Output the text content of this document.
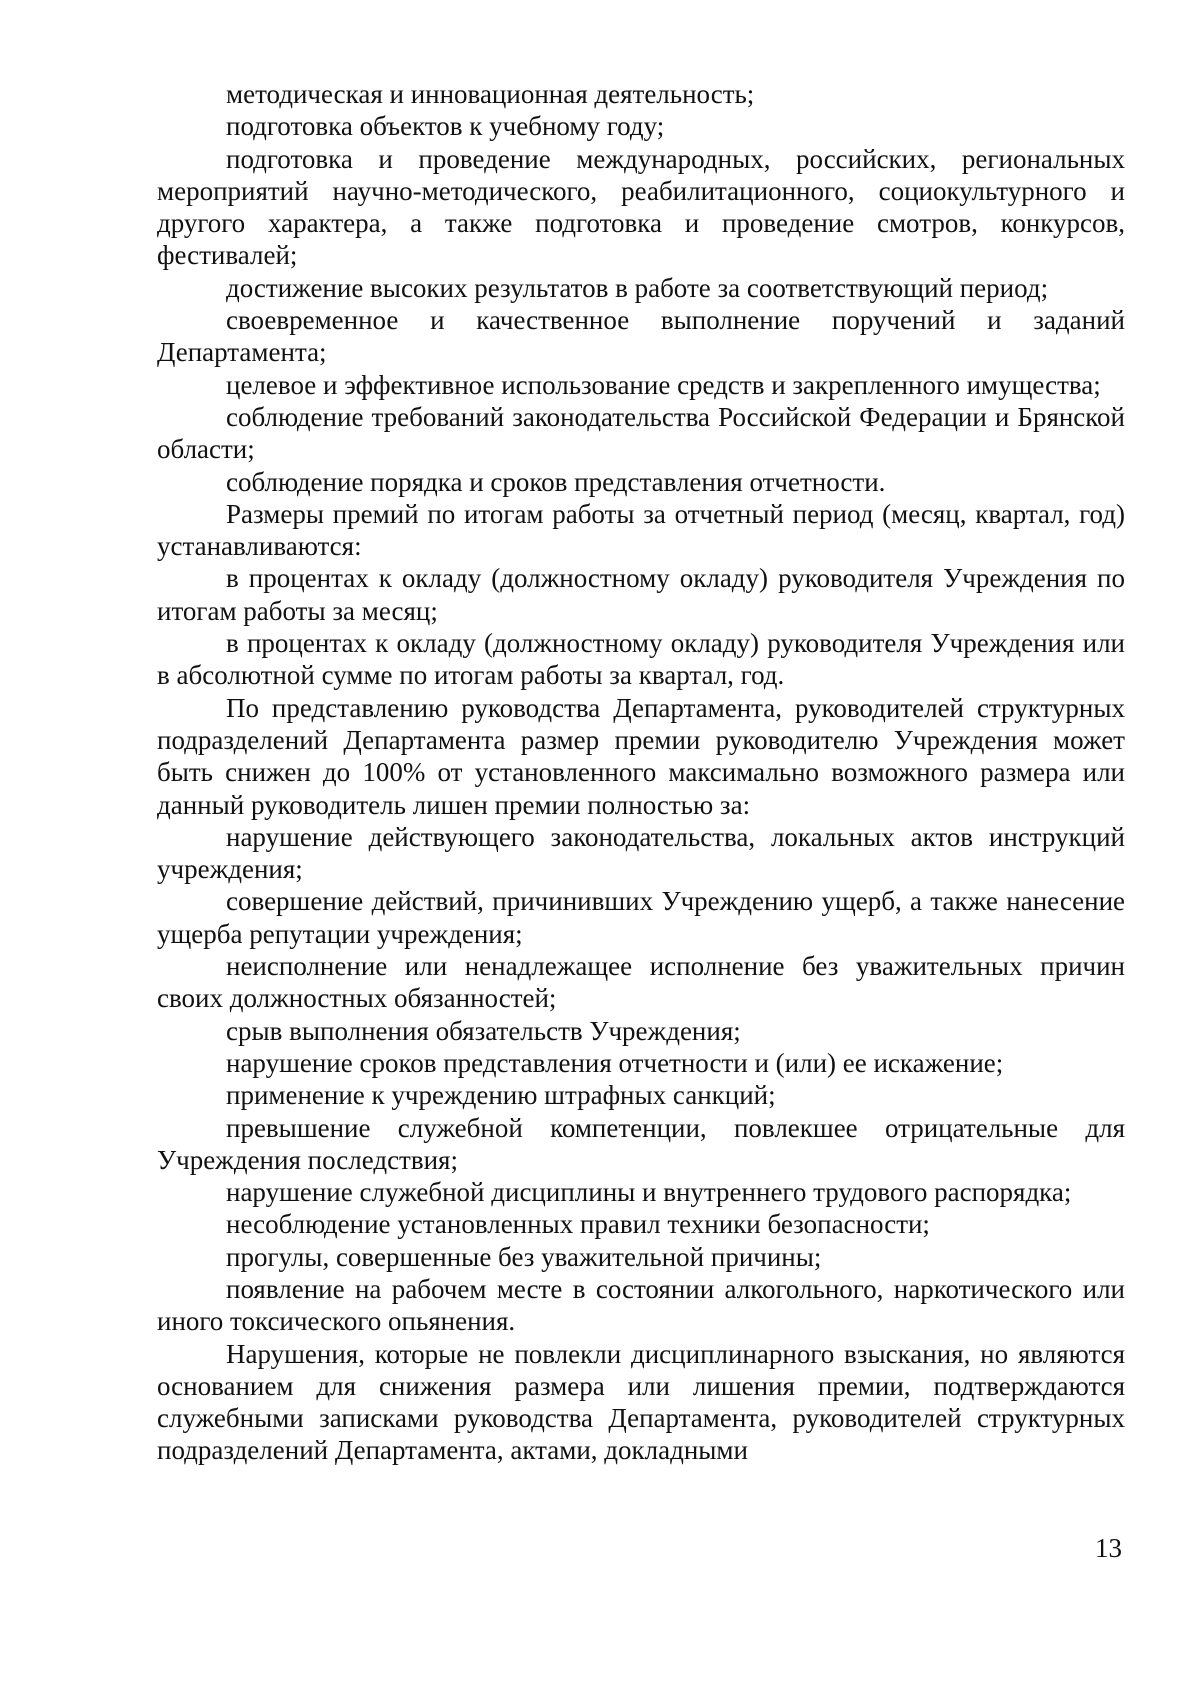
методическая и инновационная деятельность;

подготовка объектов к учебному году;

подготовка и проведение международных, российских, региональных мероприятий научно-методического, реабилитационного, социокультурного и другого характера, а также подготовка и проведение смотров, конкурсов, фестивалей;

достижение высоких результатов в работе за соответствующий период;

своевременное и качественное выполнение поручений и заданий Департамента;

целевое и эффективное использование средств и закрепленного имущества;

соблюдение требований законодательства Российской Федерации и Брянской области;

соблюдение порядка и сроков представления отчетности.

Размеры премий по итогам работы за отчетный период (месяц, квартал, год) устанавливаются:

в процентах к окладу (должностному окладу) руководителя Учреждения по итогам работы за месяц;

в процентах к окладу (должностному окладу) руководителя Учреждения или в абсолютной сумме по итогам работы за квартал, год.

По представлению руководства Департамента, руководителей структурных подразделений Департамента размер премии руководителю Учреждения может быть снижен до 100% от установленного максимально возможного размера или данный руководитель лишен премии полностью за:

нарушение действующего законодательства, локальных актов инструкций учреждения;

совершение действий, причинивших Учреждению ущерб, а также нанесение ущерба репутации учреждения;

неисполнение или ненадлежащее исполнение без уважительных причин своих должностных обязанностей;

срыв выполнения обязательств Учреждения;

нарушение сроков представления отчетности и (или) ее искажение;

применение к учреждению штрафных санкций;

превышение служебной компетенции, повлекшее отрицательные для Учреждения последствия;

нарушение служебной дисциплины и внутреннего трудового распорядка;

несоблюдение установленных правил техники безопасности;

прогулы, совершенные без уважительной причины;

появление на рабочем месте в состоянии алкогольного, наркотического или иного токсического опьянения.

Нарушения, которые не повлекли дисциплинарного взыскания, но являются основанием для снижения размера или лишения премии, подтверждаются служебными записками руководства Департамента, руководителей структурных подразделений Департамента, актами, докладными

13
